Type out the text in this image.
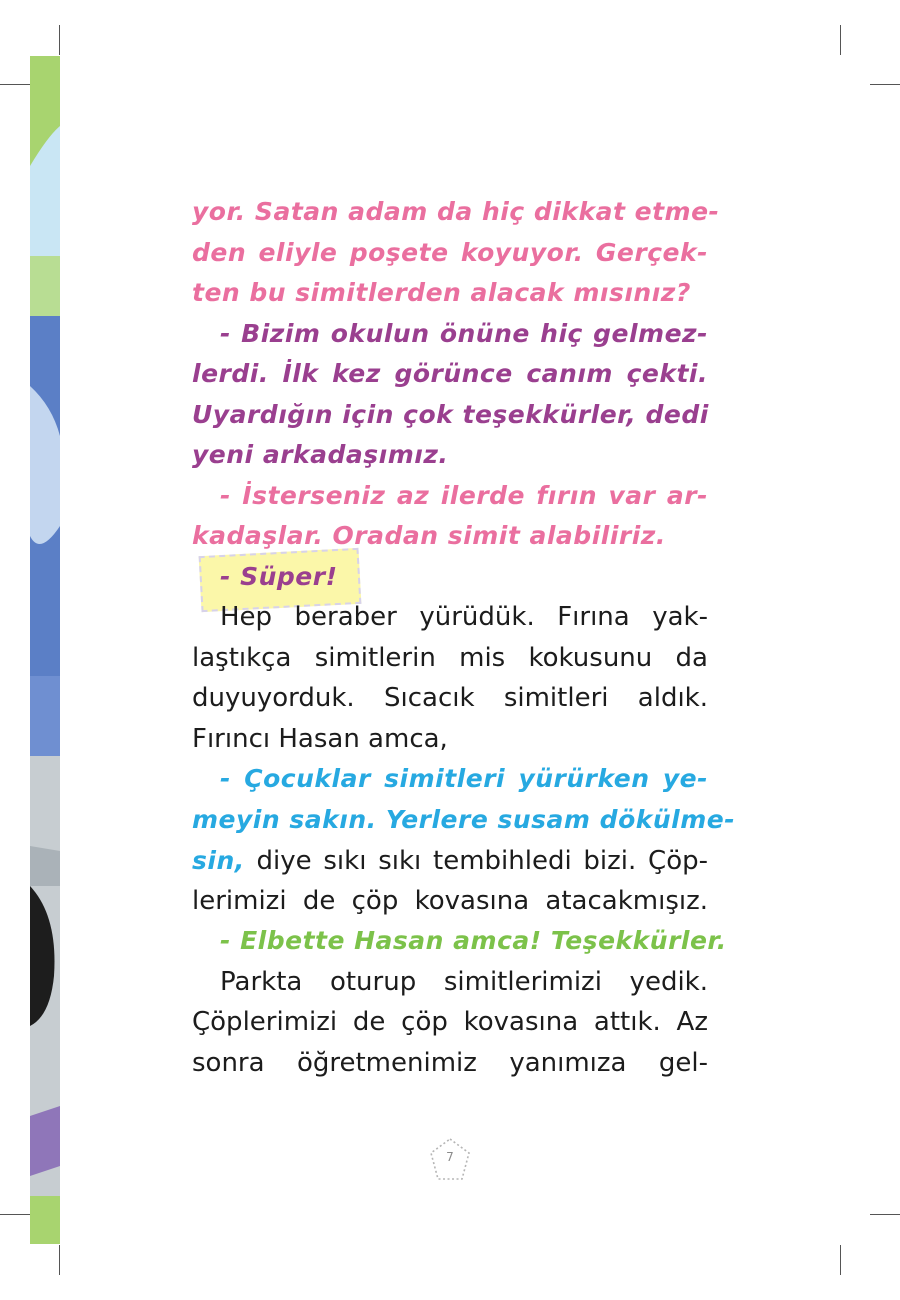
yor. Satan adam da hiç dikkat etme-
den eliyle poşete koyuyor. Gerçek-
ten bu simitlerden alacak mısınız?
- Bizim okulun önüne hiç gelmez-
lerdi. İlk kez görünce canım çekti.
Uyardığın için çok teşekkürler, dedi
yeni arkadaşımız.
- İsterseniz az ilerde fırın var ar-
kadaşlar. Oradan simit alabiliriz.
- Süper!
Hep beraber yürüdük. Fırına yak-
laştıkça simitlerin mis kokusunu da
duyuyorduk. Sıcacık simitleri aldık.
Fırıncı Hasan amca,
- Çocuklar simitleri yürürken ye-
meyin sakın. Yerlere susam dökülme-
sin, diye sıkı sıkı tembihledi bizi. Çöp-
lerimizi de çöp kovasına atacakmışız.
- Elbette Hasan amca! Teşekkürler.
Parkta oturup simitlerimizi yedik.
Çöplerimizi de çöp kovasına attık. Az
sonra öğretmenimiz yanımıza gel-
7
